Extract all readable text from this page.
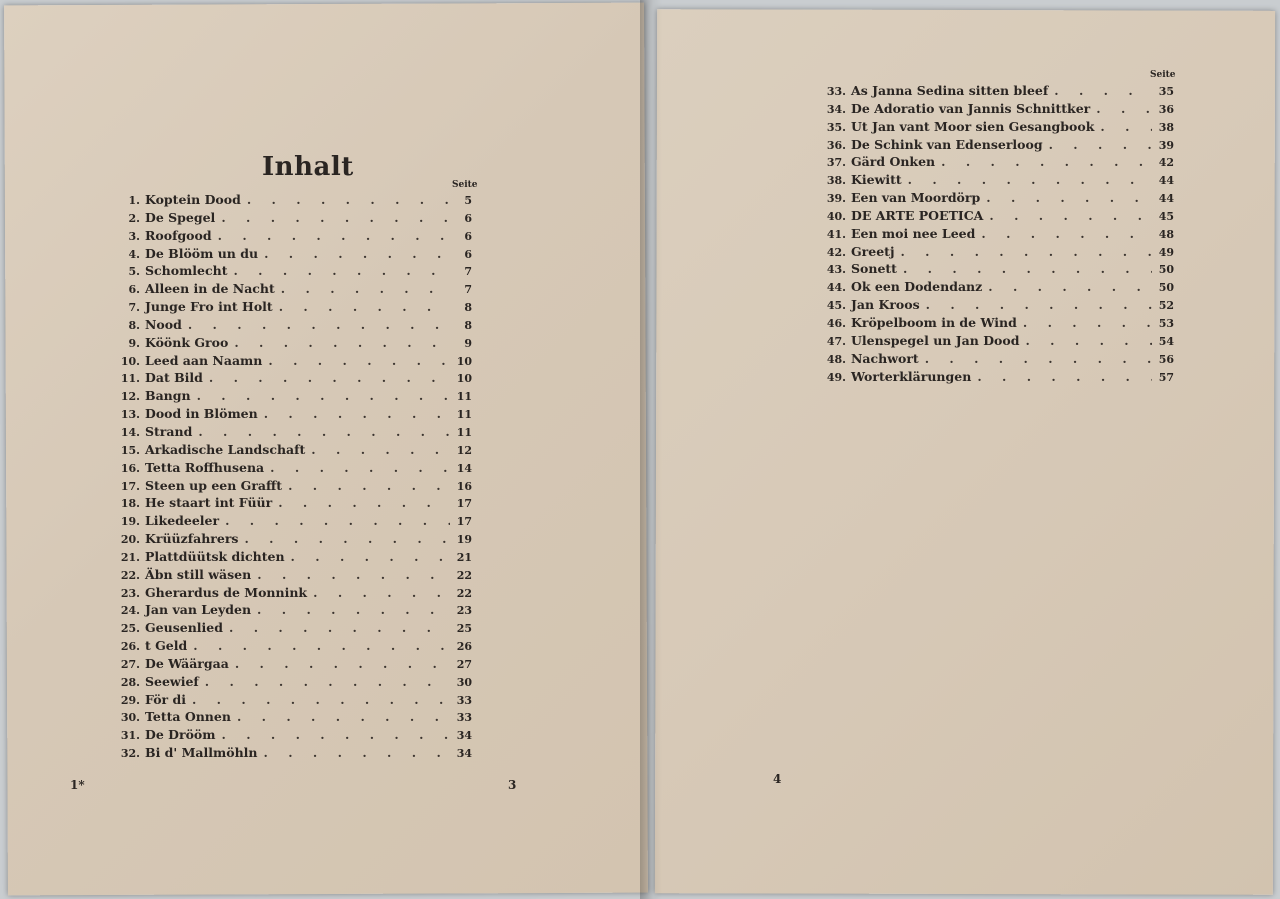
Inhalt
Seite
1. Koptein Dood . . .	5
2. De Spegel . . .	6
3. Roofgood . . .	6
4. De Blööm un du . . .	6
5. Schomlecht . . .	7
6. Alleen in de Nacht . . .	7
7. Junge Fro int Holt . . .	8
8. Nood . . .	8
9. Köönk Groo . . .	9
10. Leed aan Naamn . . .	10
11. Dat Bild . . .	10
12. Bangn . . .	11
13. Dood in Blömen . . .	11
14. Strand . . .	11
15. Arkadische Landschaft . . .	12
16. Tetta Roffhusena . . .	14
17. Steen up een Grafft . . .	16
18. He staart int Füür . . .	17
19. Likedeeler . . .	17
20. Krüüzfahrers . . .	19
21. Plattdüütsk dichten . . .	21
22. Äbn still wäsen . . .	22
23. Gherardus de Monnink . . .	22
24. Jan van Leyden . . .	23
25. Geusenlied . . .	25
26. t Geld . . .	26
27. De Wäärgaa . . .	27
28. Seewief . . .	30
29. För di . . .	33
30. Tetta Onnen . . .	33
31. De Drööm . . .	34
32. Bi d' Mallmöhln . . .	34
1*	3
Seite
33. As Janna Sedina sitten bleef . . .	35
34. De Adoratio van Jannis Schnittker . . .	36
35. Ut Jan vant Moor sien Gesangbook . . .	38
36. De Schink van Edenserloog . . .	39
37. Gärd Onken . . .	42
38. Kiewitt . . .	44
39. Een van Moordörp . . .	44
40. DE ARTE POETICA . . .	45
41. Een moi nee Leed . . .	48
42. Greetj . . .	49
43. Sonett . . .	50
44. Ok een Dodendanz . . .	50
45. Jan Kroos . . .	52
46. Kröpelboom in de Wind . . .	53
47. Ulenspegel un Jan Dood . . .	54
48. Nachwort . . .	56
49. Worterklärungen . . .	57
4
